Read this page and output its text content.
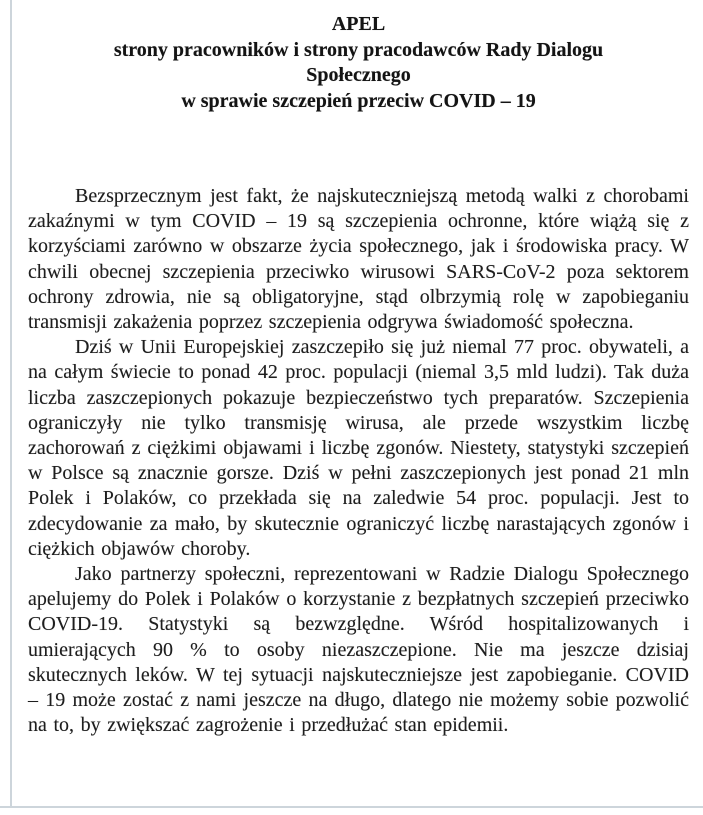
APEL
strony pracowników i strony pracodawców Rady Dialogu
Społecznego
w sprawie szczepień przeciw COVID – 19

Bezsprzecznym jest fakt, że najskuteczniejszą metodą walki z chorobami zakaźnymi w tym COVID – 19 są szczepienia ochronne, które wiążą się z korzyściami zarówno w obszarze życia społecznego, jak i środowiska pracy. W chwili obecnej szczepienia przeciwko wirusowi SARS-CoV-2 poza sektorem ochrony zdrowia, nie są obligatoryjne, stąd olbrzymią rolę w zapobieganiu transmisji zakażenia poprzez szczepienia odgrywa świadomość społeczna.

Dziś w Unii Europejskiej zaszczepiło się już niemal 77 proc. obywateli, a na całym świecie to ponad 42 proc. populacji (niemal 3,5 mld ludzi). Tak duża liczba zaszczepionych pokazuje bezpieczeństwo tych preparatów. Szczepienia ograniczyły nie tylko transmisję wirusa, ale przede wszystkim liczbę zachorowań z ciężkimi objawami i liczbę zgonów. Niestety, statystyki szczepień w Polsce są znacznie gorsze. Dziś w pełni zaszczepionych jest ponad 21 mln Polek i Polaków, co przekłada się na zaledwie 54 proc. populacji. Jest to zdecydowanie za mało, by skutecznie ograniczyć liczbę narastających zgonów i ciężkich objawów choroby.

Jako partnerzy społeczni, reprezentowani w Radzie Dialogu Społecznego apelujemy do Polek i Polaków o korzystanie z bezpłatnych szczepień przeciwko COVID-19. Statystyki są bezwzględne. Wśród hospitalizowanych i umierających 90 % to osoby niezaszczepione. Nie ma jeszcze dzisiaj skutecznych leków. W tej sytuacji najskuteczniejsze jest zapobieganie. COVID – 19 może zostać z nami jeszcze na długo, dlatego nie możemy sobie pozwolić na to, by zwiększać zagrożenie i przedłużać stan epidemii.
